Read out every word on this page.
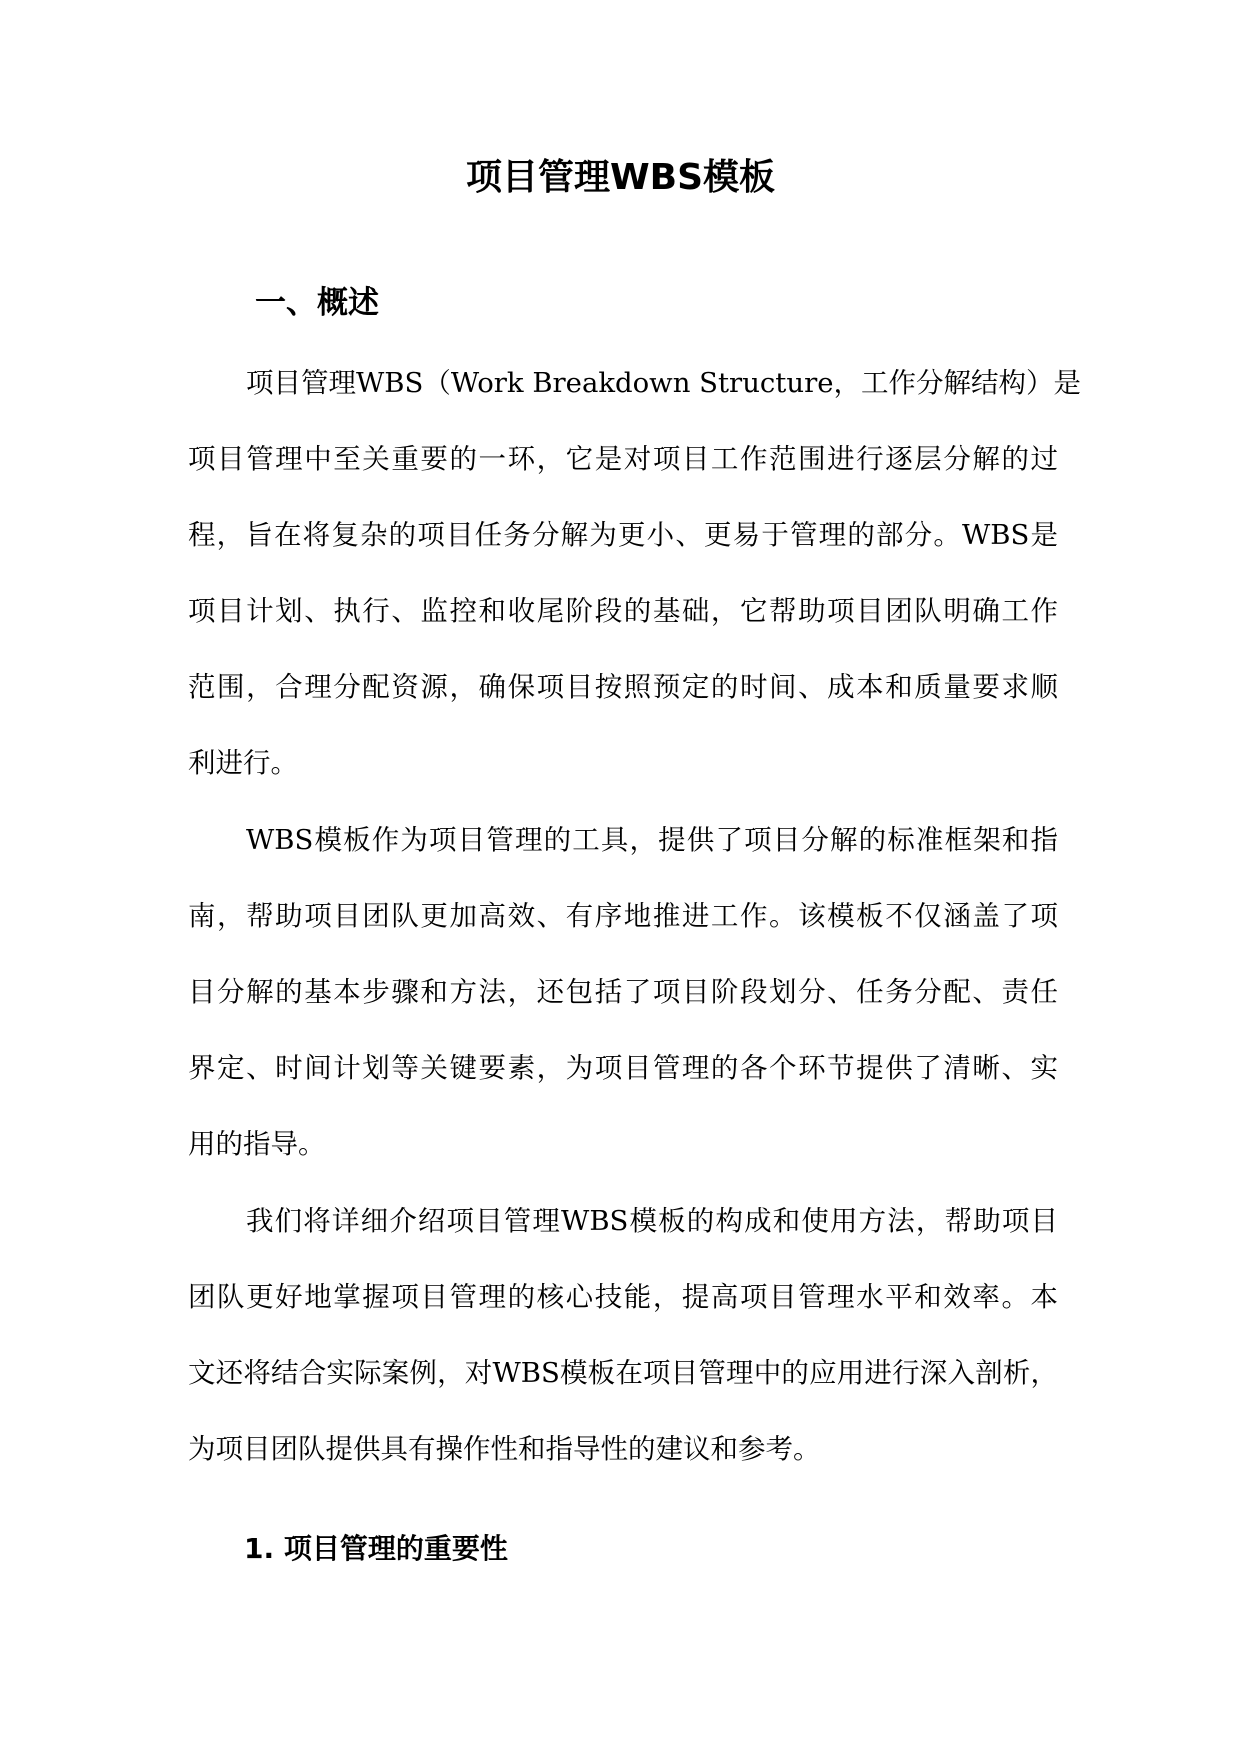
项目管理WBS模板
一、概述
项目管理WBS（Work Breakdown Structure，工作分解结构）是
项目管理中至关重要的一环，它是对项目工作范围进行逐层分解的过
程，旨在将复杂的项目任务分解为更小、更易于管理的部分。WBS是
项目计划、执行、监控和收尾阶段的基础，它帮助项目团队明确工作
范围，合理分配资源，确保项目按照预定的时间、成本和质量要求顺
利进行。
WBS模板作为项目管理的工具，提供了项目分解的标准框架和指
南，帮助项目团队更加高效、有序地推进工作。该模板不仅涵盖了项
目分解的基本步骤和方法，还包括了项目阶段划分、任务分配、责任
界定、时间计划等关键要素，为项目管理的各个环节提供了清晰、实
用的指导。
我们将详细介绍项目管理WBS模板的构成和使用方法，帮助项目
团队更好地掌握项目管理的核心技能，提高项目管理水平和效率。本
文还将结合实际案例，对WBS模板在项目管理中的应用进行深入剖析，
为项目团队提供具有操作性和指导性的建议和参考。
1. 项目管理的重要性
